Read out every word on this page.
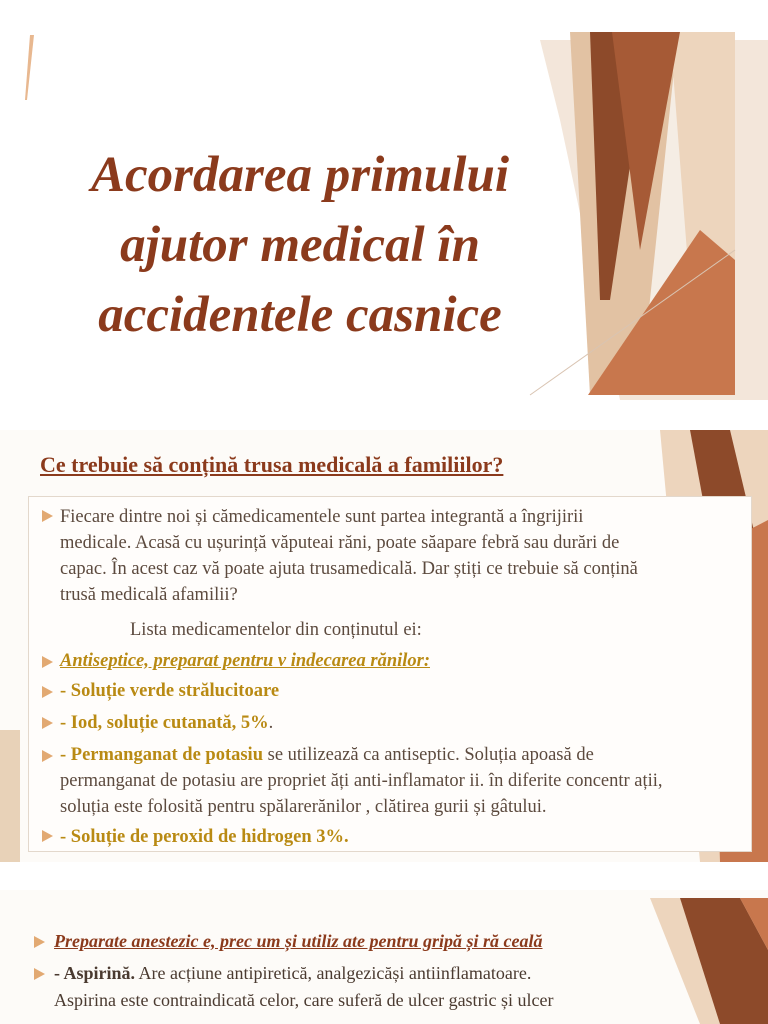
Acordarea primului
ajutor medical în
accidentele casnice
Ce trebuie să conțină trusa medicală a familiilor?

Fiecare dintre noi și cămedicamentele sunt partea integrantă a îngrijirii
medicale. Acasă cu ușurință văputeai răni, poate săapare febră sau durări de
capac. În acest caz vă poate ajuta trusamedicală. Dar știți ce trebuie să conțină
trusă medicală afamilii?

Lista medicamentelor din conținutul ei:

Antiseptice, preparat pentru v indecarea rănilor:

- Soluție verde strălucitoare

- Iod, soluție cutanată, 5%.

- Permanganat de potasiu se utilizează ca antiseptic. Soluția apoasă de
permanganat de potasiu are propriet ăți anti-inflamator ii. în diferite concentr ații,
soluția este folosită pentru spălarerănilor , clătirea gurii și gâtului.

- Soluție de peroxid de hidrogen 3%.

Preparate anestezic e, prec um și utiliz ate pentru gripă și ră ceală

- Aspirină. Are acțiune antipiretică, analgezicăși antiinflamatoare.

Aspirina este contraindicată celor, care suferă de ulcer gastric și ulcer
